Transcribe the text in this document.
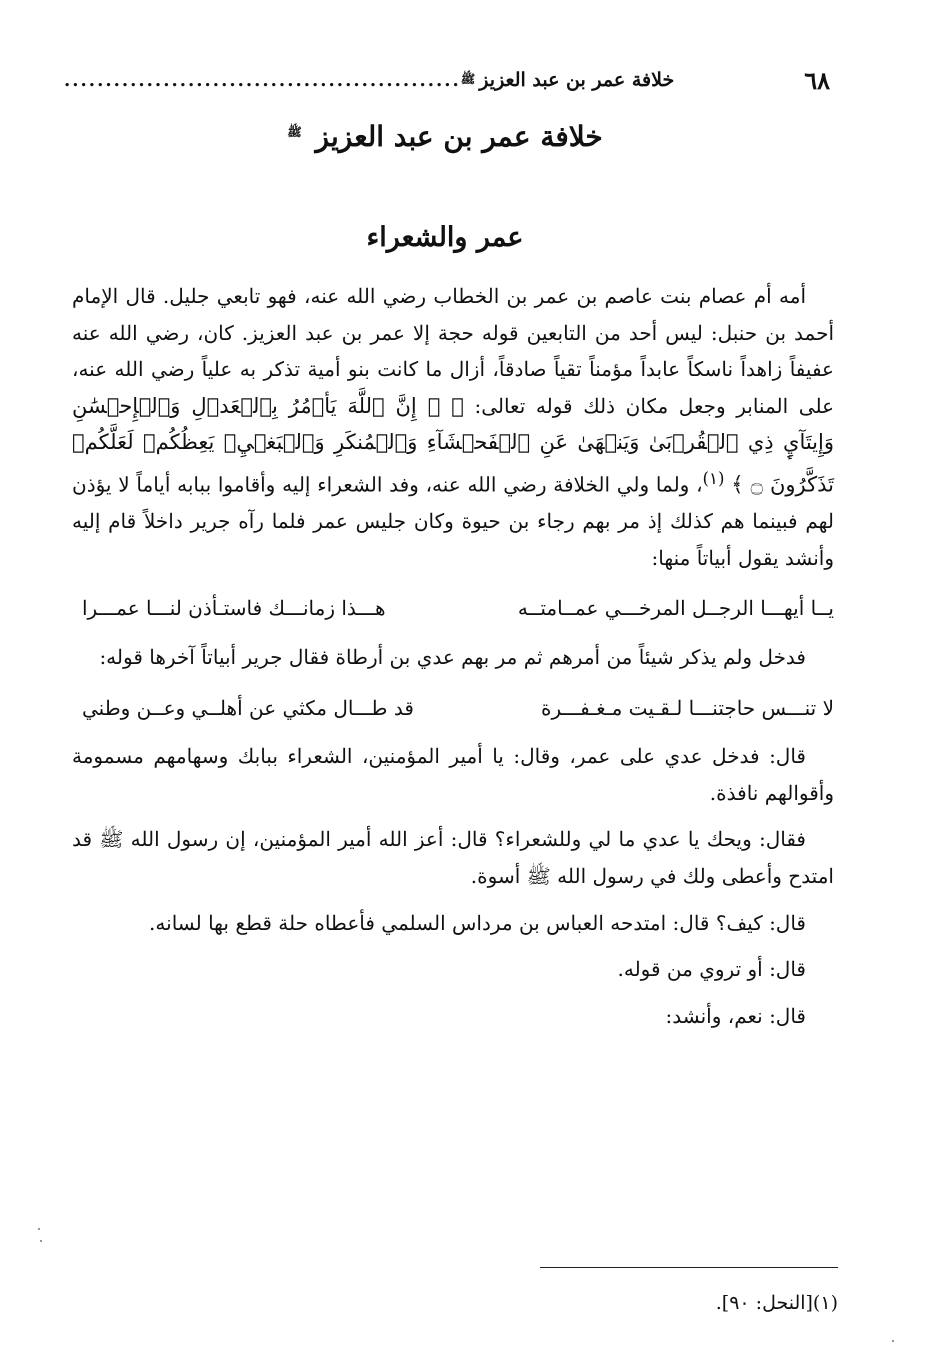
٦٨
خلافة عمر بن عبد العزيز
ﷺ
................................................
خلافة عمر بن عبد العزيز $^ﷺ$
عمر والشعراء

أمه أم عصام بنت عاصم بن عمر بن الخطاب رضي الله عنه، فهو تابعي جليل. قال الإمام أحمد بن حنبل: ليس أحد من التابعين قوله حجة إلا عمر بن عبد العزيز. كان، رضي الله عنه عفيفاً زاهداً ناسكاً عابداً مؤمناً تقياً صادقاً، أزال ما كانت بنو أمية تذكر به علياً رضي الله عنه، على المنابر وجعل مكان ذلك قوله تعالى: ﴿ ۞ إِنَّ ٱللَّهَ يَأۡمُرُ بِٱلۡعَدۡلِ وَٱلۡإِحۡسَٰنِ وَإِيتَآيِٕ ذِي ٱلۡقُرۡبَىٰ وَيَنۡهَىٰ عَنِ ٱلۡفَحۡشَآءِ وَٱلۡمُنكَرِ وَٱلۡبَغۡيِۚ يَعِظُكُمۡ لَعَلَّكُمۡ تَذَكَّرُونَ ۝ ﴾ $^{(١)}$، ولما ولي الخلافة رضي الله عنه، وفد الشعراء إليه وأقاموا ببابه أياماً لا يؤذن لهم فبينما هم كذلك إذ مر بهم رجاء بن حيوة وكان جليس عمر فلما رآه جرير داخلاً قام إليه وأنشد يقول أبياتاً منها:

يــا أيهـــا الرجــل المرخـــي عمــامتــه
هـــذا زمانـــك فاستـأذن لنـــا عمـــرا

فدخل ولم يذكر شيئاً من أمرهم ثم مر بهم عدي بن أرطاة فقال جرير أبياتاً آخرها قوله:

لا تنـــس حاجتنـــا لـقـيت مـغـفـــرة
قد طـــال مكثي عن أهلــي وعــن وطني

قال: فدخل عدي على عمر، وقال: يا أمير المؤمنين، الشعراء ببابك وسهامهم مسمومة وأقوالهم نافذة.

فقال: ويحك يا عدي ما لي وللشعراء؟ قال: أعز الله أمير المؤمنين، إن رسول الله ﷺ قد امتدح وأعطى ولك في رسول الله ﷺ أسوة.

قال: كيف؟ قال: امتدحه العباس بن مرداس السلمي فأعطاه حلة قطع بها لسانه.

قال: أو تروي من قوله.

قال: نعم، وأنشد:

(١)[النحل: ٩٠].
